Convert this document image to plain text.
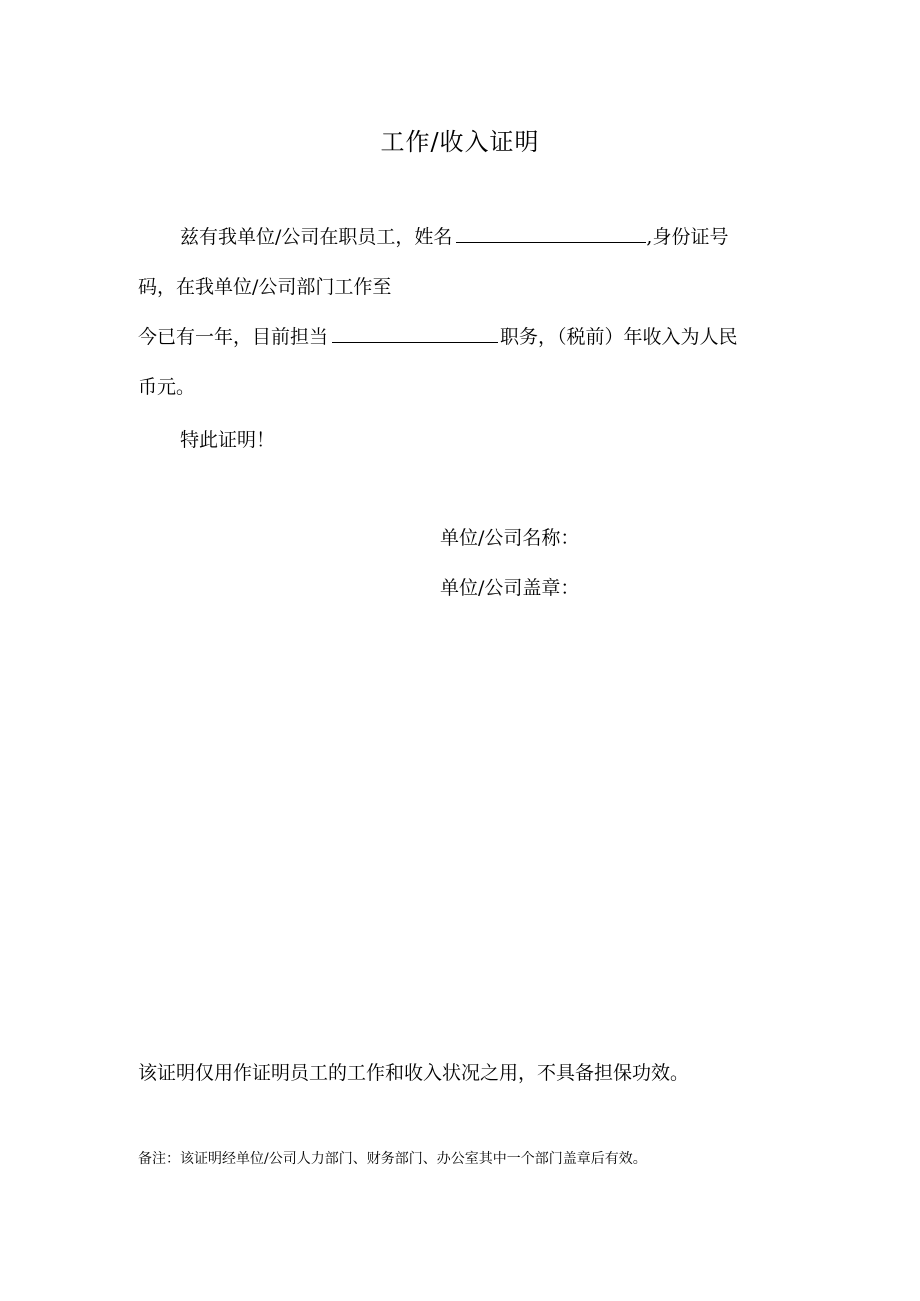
工作/收入证明
兹有我单位/公司在职员工，姓名	,身份证号
码，在我单位/公司部门工作至
今已有一年，目前担当	职务，（税前）年收入为人民
币元。
特此证明！
单位/公司名称：
单位/公司盖章：
该证明仅用作证明员工的工作和收入状况之用，不具备担保功效。
备注：该证明经单位/公司人力部门、财务部门、办公室其中一个部门盖章后有效。
